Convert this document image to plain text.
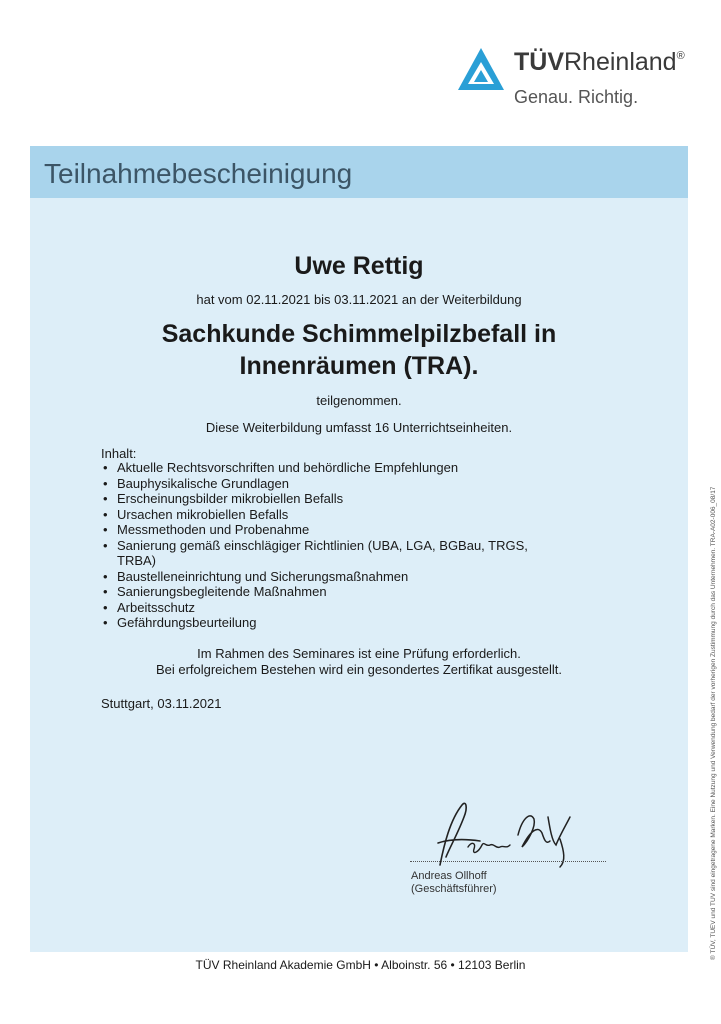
TÜVRheinland®
Genau. Richtig.
Teilnahmebescheinigung
Uwe Rettig
hat vom 02.11.2021 bis 03.11.2021 an der Weiterbildung
Sachkunde Schimmelpilzbefall in
Innenräumen (TRA).
teilgenommen.
Diese Weiterbildung umfasst 16 Unterrichtseinheiten.
Inhalt:
• Aktuelle Rechtsvorschriften und behördliche Empfehlungen
• Bauphysikalische Grundlagen
• Erscheinungsbilder mikrobiellen Befalls
• Ursachen mikrobiellen Befalls
• Messmethoden und Probenahme
• Sanierung gemäß einschlägiger Richtlinien (UBA, LGA, BGBau, TRGS,
TRBA)
• Baustelleneinrichtung und Sicherungsmaßnahmen
• Sanierungsbegleitende Maßnahmen
• Arbeitsschutz
• Gefährdungsbeurteilung
Im Rahmen des Seminares ist eine Prüfung erforderlich.
Bei erfolgreichem Bestehen wird ein gesondertes Zertifikat ausgestellt.
Stuttgart, 03.11.2021
Andreas Ollhoff
(Geschäftsführer)
TÜV Rheinland Akademie GmbH • Alboinstr. 56 • 12103 Berlin
® TÜV, TUEV und TUV sind eingetragene Marken. Eine Nutzung und Verwendung bedarf der vorherigen Zustimmung durch das Unternehmen. TRA-A02-006_08/17
